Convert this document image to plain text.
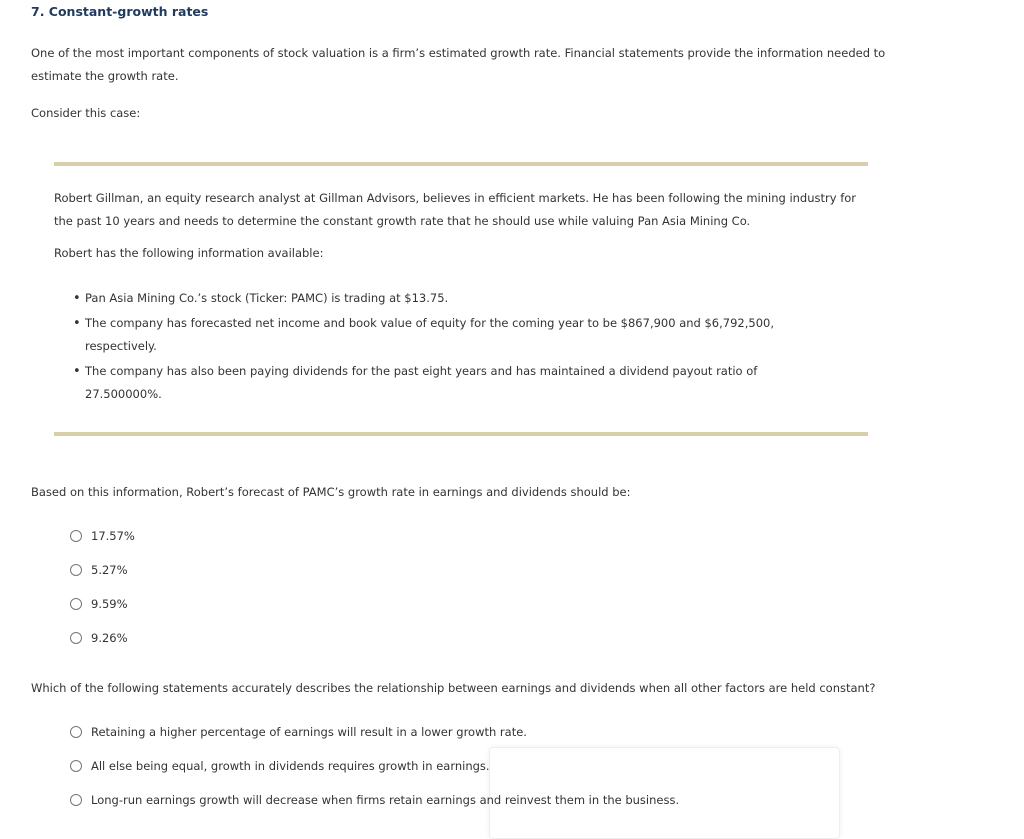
7. Constant-growth rates
One of the most important components of stock valuation is a firm’s estimated growth rate. Financial statements provide the information needed to estimate the growth rate.
Consider this case:
Robert Gillman, an equity research analyst at Gillman Advisors, believes in efficient markets. He has been following the mining industry for the past 10 years and needs to determine the constant growth rate that he should use while valuing Pan Asia Mining Co.
Robert has the following information available:
• Pan Asia Mining Co.’s stock (Ticker: PAMC) is trading at $13.75.
• The company has forecasted net income and book value of equity for the coming year to be $867,900 and $6,792,500, respectively.
• The company has also been paying dividends for the past eight years and has maintained a dividend payout ratio of 27.500000%.
Based on this information, Robert’s forecast of PAMC’s growth rate in earnings and dividends should be:
17.57%
5.27%
9.59%
9.26%
Which of the following statements accurately describes the relationship between earnings and dividends when all other factors are held constant?
Retaining a higher percentage of earnings will result in a lower growth rate.
All else being equal, growth in dividends requires growth in earnings.
Long-run earnings growth will decrease when firms retain earnings and reinvest them in the business.
